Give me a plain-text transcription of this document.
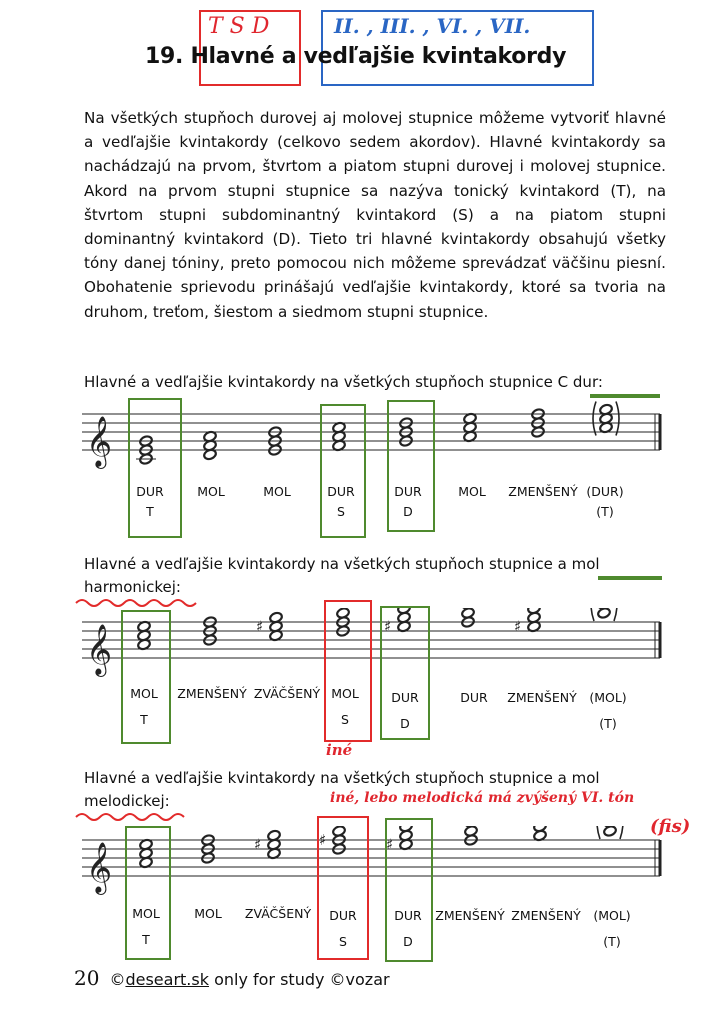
T S D	II. , III. , VI. , VII.
19. Hlavné a vedľajšie kvintakordy

Na všetkých stupňoch durovej aj molovej stupnice môžeme vytvoriť hlavné a vedľajšie kvintakordy (celkovo sedem akordov). Hlavné kvintakordy sa nachádzajú na prvom, štvrtom a piatom stupni durovej i molovej stupnice. Akord na prvom stupni stupnice sa nazýva tonický kvintakord (T), na štvrtom stupni subdominantný kvintakord (S) a na piatom stupni dominantný kvintakord (D). Tieto tri hlavné kvintakordy obsahujú všetky tóny danej tóniny, preto pomocou nich môžeme sprevádzať väčšinu piesní. Obohatenie sprievodu prinášajú vedľajšie kvintakordy, ktoré sa tvoria na druhom, treťom, šiestom a siedmom stupni stupnice.

Hlavné a vedľajšie kvintakordy na všetkých stupňoch stupnice C dur:
𝄞
DUR	MOL	MOL	DUR	DUR	MOL ZMENŠENÝ (DUR)
T	S	D	(T)
Hlavné a vedľajšie kvintakordy na všetkých stupňoch stupnice a mol
harmonickej:
𝄞	♯	♯	♯
MOL ZMENŠENÝ ZVÄČŠENÝ MOL	DUR	DUR ZMENŠENÝ (MOL)
T	S	D	(T)
iné
Hlavné a vedľajšie kvintakordy na všetkých stupňoch stupnice a mol
melodickej:	iné, lebo melodická má zvýšený VI. tón
(fis)
𝄞	♯	♯	♯
MOL	MOL ZVÄČŠENÝ DUR	DUR ZMENŠENÝ ZMENŠENÝ (MOL)
T	S	D	(T)
20 ©deseart.sk only for study ©vozar
